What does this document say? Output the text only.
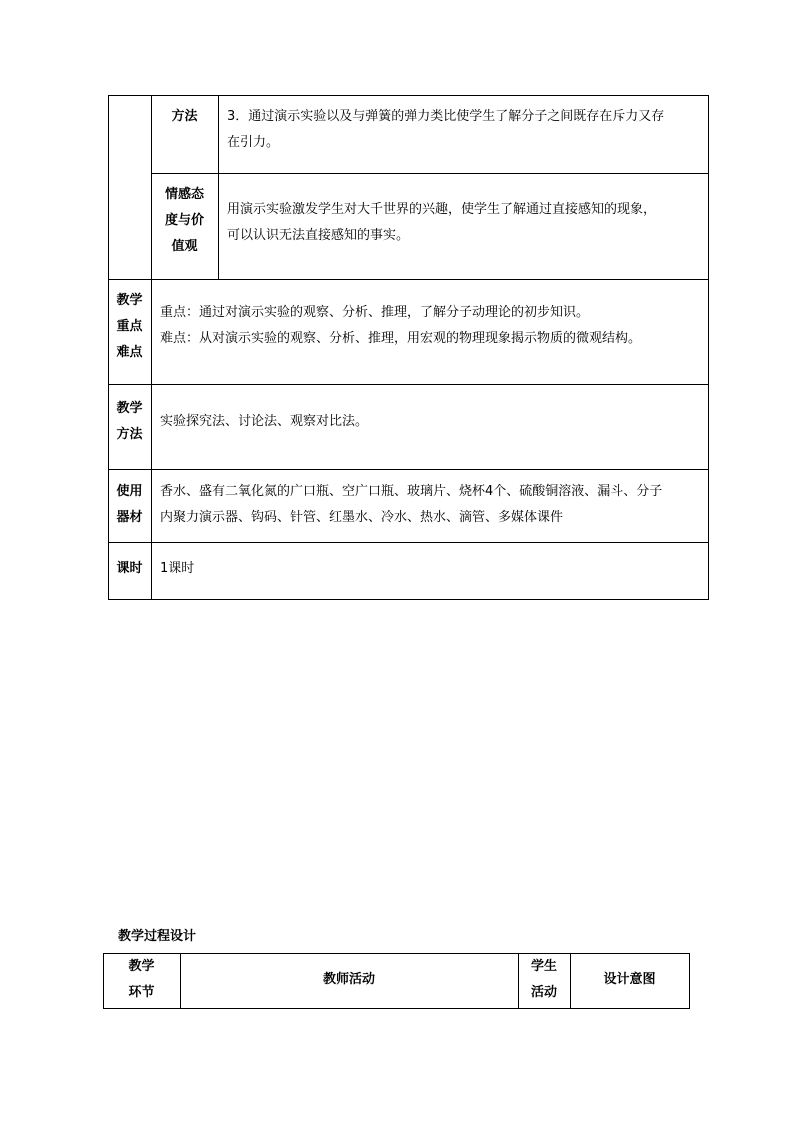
方法	3．通过演示实验以及与弹簧的弹力类比使学生了解分子之间既存在斥力又存
在引力。
情感态
度与价
值观
用演示实验激发学生对大千世界的兴趣，使学生了解通过直接感知的现象，
可以认识无法直接感知的事实。
教学
重点
难点
重点：通过对演示实验的观察、分析、推理，了解分子动理论的初步知识。
难点：从对演示实验的观察、分析、推理，用宏观的物理现象揭示物质的微观结构。
教学
方法
实验探究法、讨论法、观察对比法。
使用
器材
香水、盛有二氧化氮的广口瓶、空广口瓶、玻璃片、烧杯4个、硫酸铜溶液、漏斗、分子
内聚力演示器、钩码、针管、红墨水、冷水、热水、滴管、多媒体课件
课时	1课时
教学过程设计
教学
环节
教师活动
学生
活动
设计意图
